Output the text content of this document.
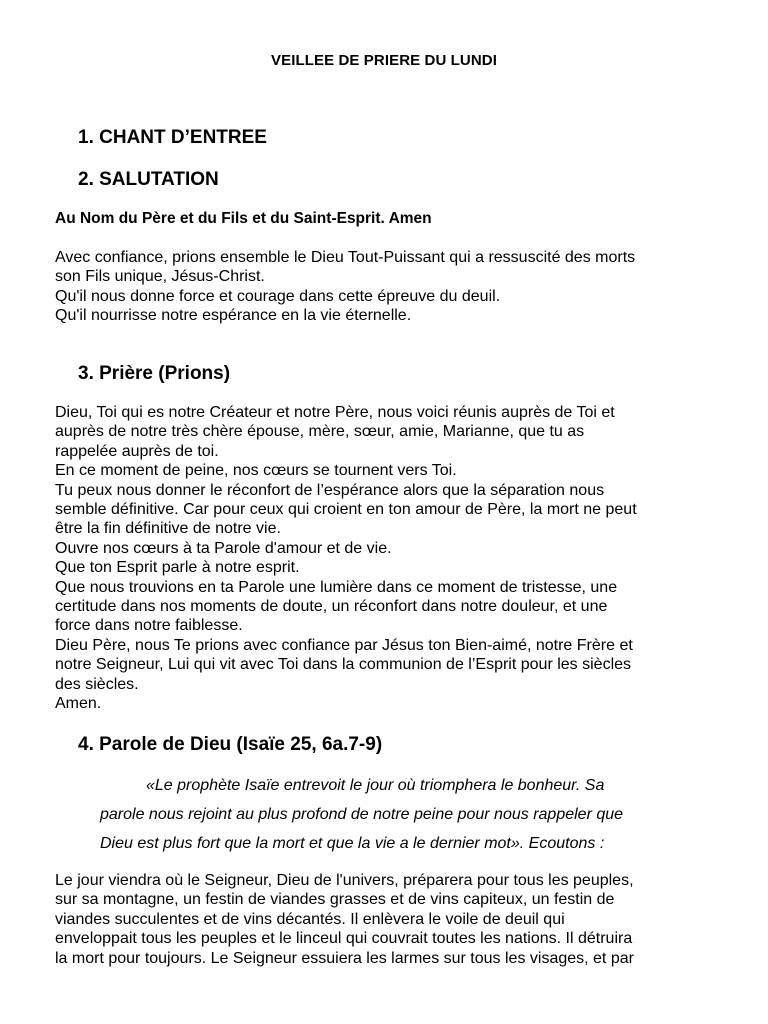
VEILLEE DE PRIERE DU LUNDI
1. CHANT D’ENTREE
2. SALUTATION
Au Nom du Père et du Fils et du Saint-Esprit. Amen

Avec confiance, prions ensemble le Dieu Tout-Puissant qui a ressuscité des morts
son Fils unique, Jésus-Christ.
Qu'il nous donne force et courage dans cette épreuve du deuil.
Qu'il nourrisse notre espérance en la vie éternelle.

3. Prière (Prions)

Dieu, Toi qui es notre Créateur et notre Père, nous voici réunis auprès de Toi et
auprès de notre très chère épouse, mère, sœur, amie, Marianne, que tu as
rappelée auprès de toi.
En ce moment de peine, nos cœurs se tournent vers Toi.
Tu peux nous donner le réconfort de l’espérance alors que la séparation nous
semble définitive. Car pour ceux qui croient en ton amour de Père, la mort ne peut
être la fin définitive de notre vie.
Ouvre nos cœurs à ta Parole d'amour et de vie.
Que ton Esprit parle à notre esprit.
Que nous trouvions en ta Parole une lumière dans ce moment de tristesse, une
certitude dans nos moments de doute, un réconfort dans notre douleur, et une
force dans notre faiblesse.
Dieu Père, nous Te prions avec confiance par Jésus ton Bien-aimé, notre Frère et
notre Seigneur, Lui qui vit avec Toi dans la communion de l’Esprit pour les siècles
des siècles.
Amen.

4. Parole de Dieu (Isaïe 25, 6a.7-9)

«Le prophète Isaïe entrevoit le jour où triomphera le bonheur. Sa
parole nous rejoint au plus profond de notre peine pour nous rappeler que
Dieu est plus fort que la mort et que la vie a le dernier mot». Ecoutons :

Le jour viendra où le Seigneur, Dieu de l'univers, préparera pour tous les peuples,
sur sa montagne, un festin de viandes grasses et de vins capiteux, un festin de
viandes succulentes et de vins décantés. Il enlèvera le voile de deuil qui
enveloppait tous les peuples et le linceul qui couvrait toutes les nations. Il détruira
la mort pour toujours. Le Seigneur essuiera les larmes sur tous les visages, et par
